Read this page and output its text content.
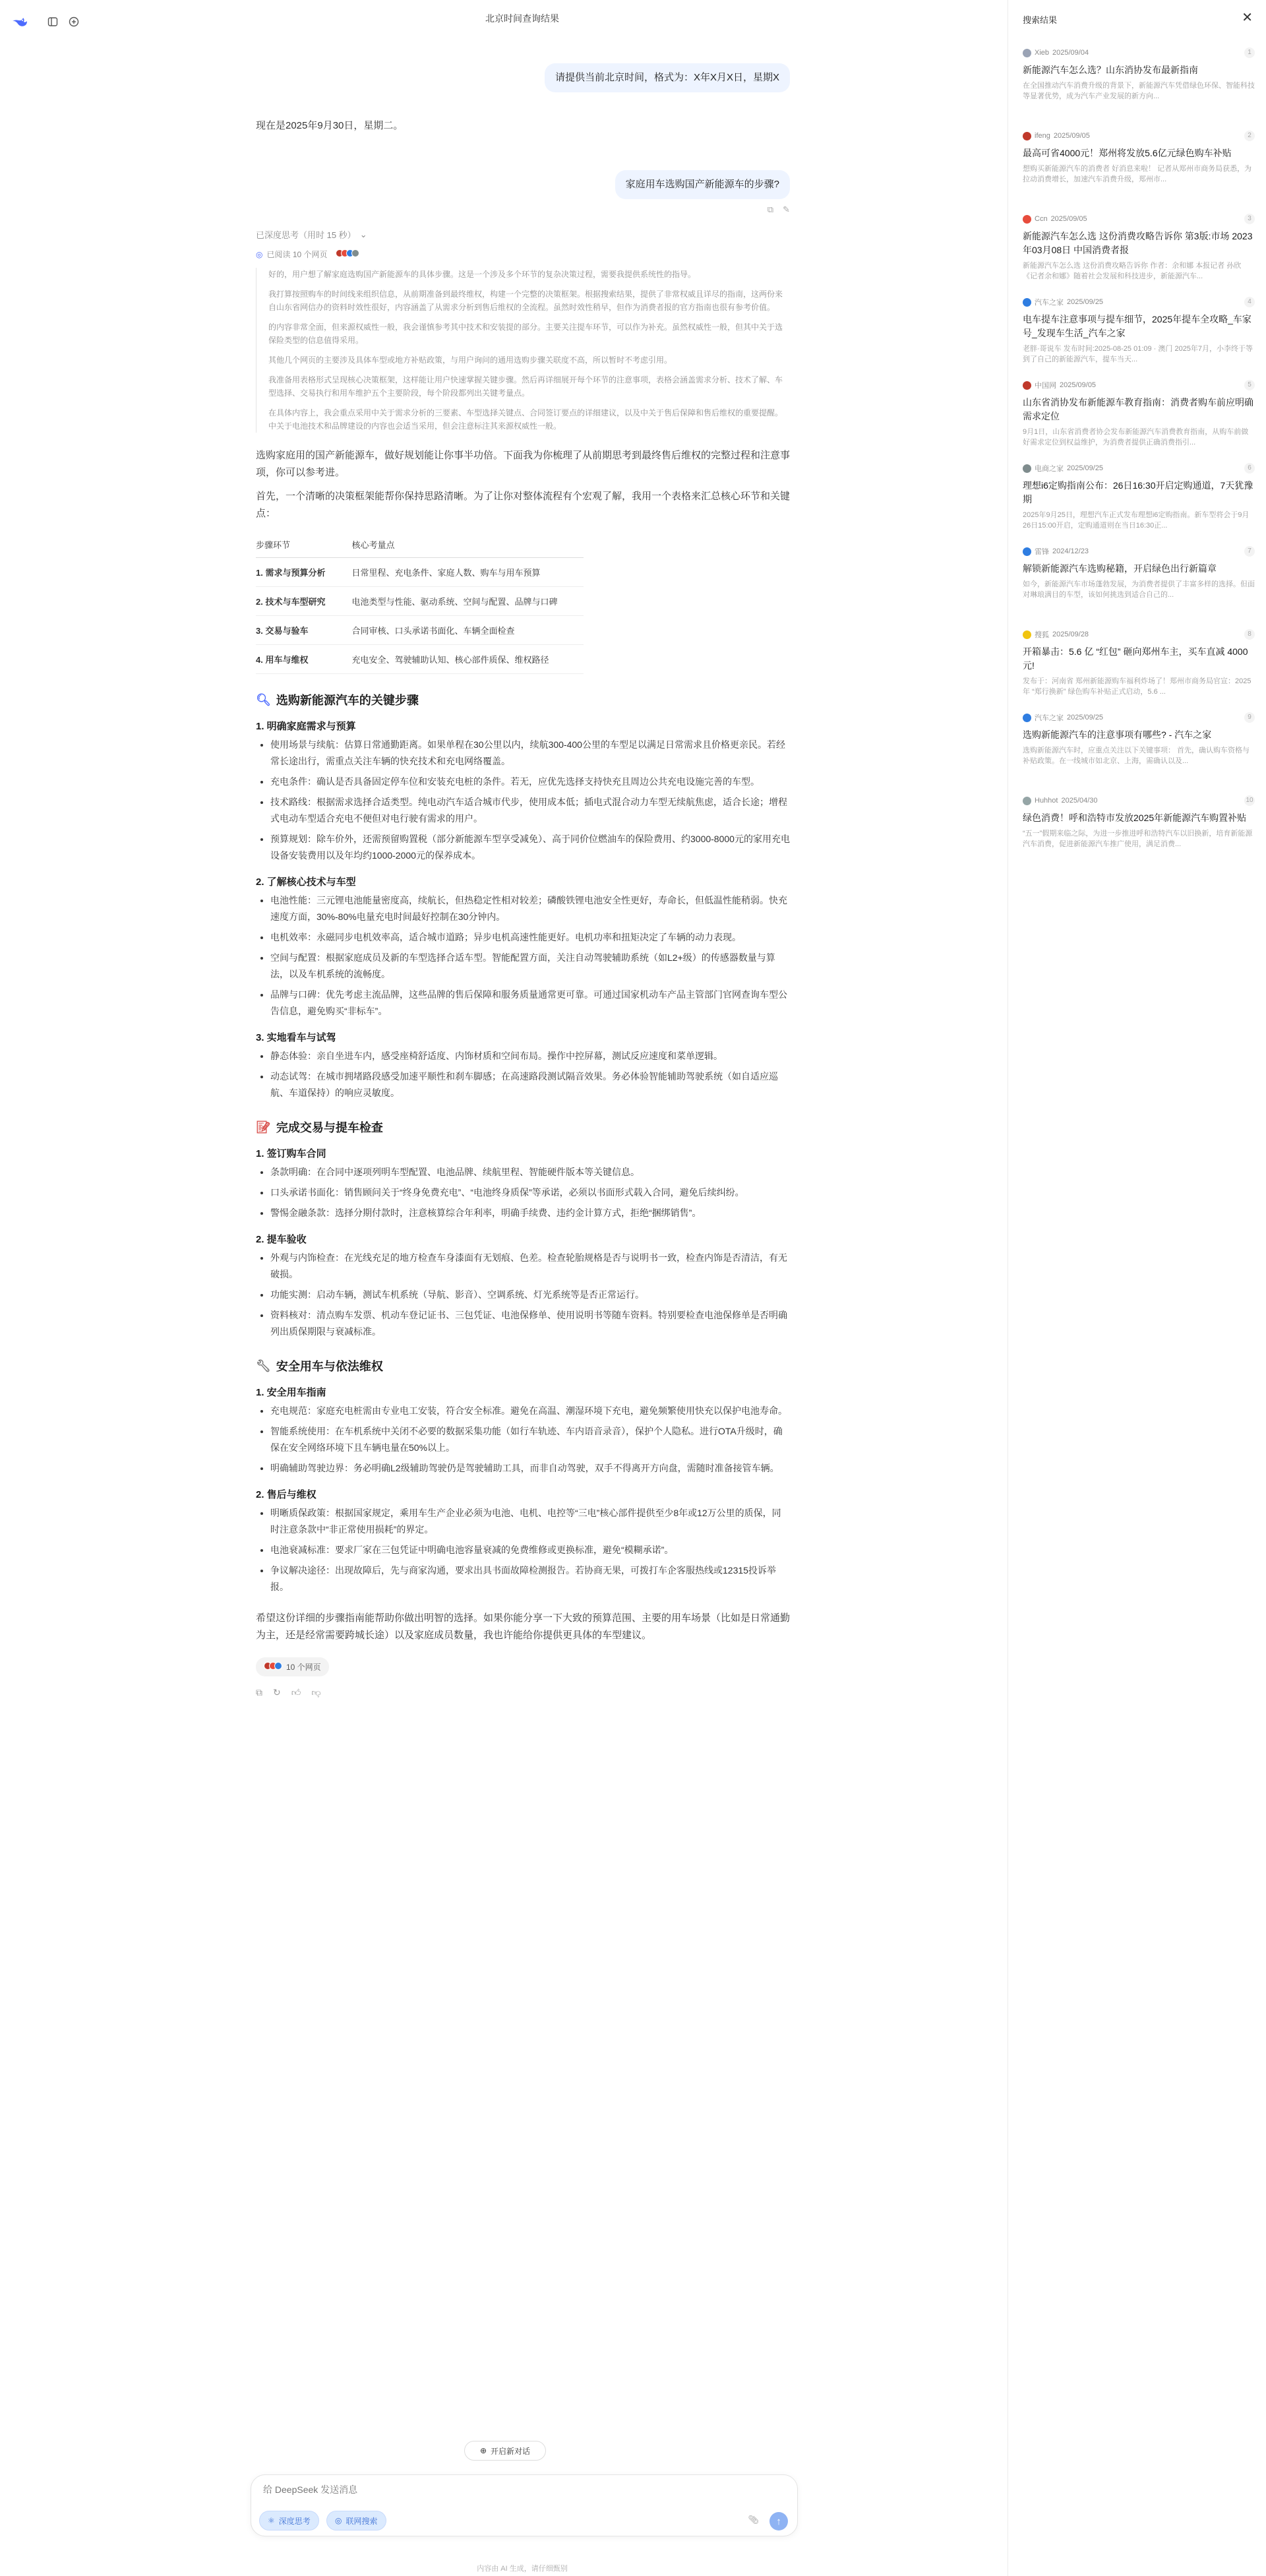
北京时间查询结果
请提供当前北京时间，格式为：X年X月X日，星期X
现在是2025年9月30日，星期二。
家庭用车选购国产新能源车的步骤?
⧉ ✎
已深度思考（用时 15 秒） ⌄
◎ 已阅读 10 个网页
好的，用户想了解家庭选购国产新能源车的具体步骤。这是一个涉及多个环节的复杂决策过程，需要我提供系统性的指导。
我打算按照购车的时间线来组织信息，从前期准备到最终维权，构建一个完整的决策框架。根据搜索结果，提供了非常权威且详尽的指南，这两份来自山东省网信办的资料时效性很好，内容涵盖了从需求分析到售后维权的全流程。虽然时效性稍早，但作为消费者报的官方指南也很有参考价值。
的内容非常全面，但来源权威性一般，我会谨慎参考其中技术和安装提的部分。主要关注提车环节，可以作为补充。虽然权威性一般，但其中关于选保险类型的信息值得采用。
其他几个网页的主要涉及具体车型或地方补贴政策，与用户询问的通用选购步骤关联度不高，所以暂时不考虑引用。
我准备用表格形式呈现核心决策框架，这样能让用户快速掌握关键步骤。然后再详细展开每个环节的注意事项，表格会涵盖需求分析、技术了解、车型选择、交易执行和用车维护五个主要阶段，每个阶段都列出关键考量点。
在具体内容上，我会重点采用中关于需求分析的三要素、车型选择关键点、合同签订要点的详细建议，以及中关于售后保障和售后维权的重要提醒。中关于电池技术和品牌建设的内容也会适当采用，但会注意标注其来源权威性一般。
选购家庭用的国产新能源车，做好规划能让你事半功倍。下面我为你梳理了从前期思考到最终售后维权的完整过程和注意事项，你可以参考进。
首先，一个清晰的决策框架能帮你保持思路清晰。为了让你对整体流程有个宏观了解，我用一个表格来汇总核心环节和关键点：
步骤环节	核心考量点
1. 需求与预算分析	日常里程、充电条件、家庭人数、购车与用车预算
2. 技术与车型研究	电池类型与性能、驱动系统、空间与配置、品牌与口碑
3. 交易与验车	合同审核、口头承诺书面化、车辆全面检查
4. 用车与维权	充电安全、驾驶辅助认知、核心部件质保、维权路径
🔍︎ 选购新能源汽车的关键步骤
1. 明确家庭需求与预算
• 使用场景与续航：估算日常通勤距离。如果单程在30公里以内，续航300-400公里的车型足以满足日常需求且价格更亲民。若经常长途出行，需重点关注车辆的快充技术和充电网络覆盖。
• 充电条件：确认是否具备固定停车位和安装充电桩的条件。若无，应优先选择支持快充且周边公共充电设施完善的车型。
• 技术路线：根据需求选择合适类型。纯电动汽车适合城市代步，使用成本低；插电式混合动力车型无续航焦虑，适合长途；增程式电动车型适合充电不便但对电行驶有需求的用户。
• 预算规划：除车价外，还需预留购置税（部分新能源车型享受减免）、高于同价位燃油车的保险费用、约3000-8000元的家用充电设备安装费用以及年均约1000-2000元的保养成本。
2. 了解核心技术与车型
• 电池性能：三元锂电池能量密度高，续航长，但热稳定性相对较差；磷酸铁锂电池安全性更好，寿命长，但低温性能稍弱。快充速度方面，30%-80%电量充电时间最好控制在30分钟内。
• 电机效率：永磁同步电机效率高，适合城市道路；异步电机高速性能更好。电机功率和扭矩决定了车辆的动力表现。
• 空间与配置：根据家庭成员及新的车型选择合适车型。智能配置方面，关注自动驾驶辅助系统（如L2+级）的传感器数量与算法，以及车机系统的流畅度。
• 品牌与口碑：优先考虑主流品牌，这些品牌的售后保障和服务质量通常更可靠。可通过国家机动车产品主管部门官网查询车型公告信息，避免购买“非标车”。
3. 实地看车与试驾
• 静态体验：亲自坐进车内，感受座椅舒适度、内饰材质和空间布局。操作中控屏幕，测试反应速度和菜单逻辑。
• 动态试驾：在城市拥堵路段感受加速平顺性和刹车脚感；在高速路段测试隔音效果。务必体验智能辅助驾驶系统（如自适应巡航、车道保持）的响应灵敏度。
📝︎ 完成交易与提车检查
1. 签订购车合同
• 条款明确：在合同中逐项列明车型配置、电池品牌、续航里程、智能硬件版本等关键信息。
• 口头承诺书面化：销售顾问关于“终身免费充电”、“电池终身质保”等承诺，必须以书面形式载入合同，避免后续纠纷。
• 警惕金融条款：选择分期付款时，注意核算综合年利率，明确手续费、违约金计算方式，拒绝“捆绑销售”。
2. 提车验收
• 外观与内饰检查：在光线充足的地方检查车身漆面有无划痕、色差。检查轮胎规格是否与说明书一致，检查内饰是否清洁，有无破损。
• 功能实测：启动车辆，测试车机系统（导航、影音）、空调系统、灯光系统等是否正常运行。
• 资料核对：清点购车发票、机动车登记证书、三包凭证、电池保修单、使用说明书等随车资料。特别要检查电池保修单是否明确列出质保期限与衰减标准。
🔧︎ 安全用车与依法维权
1. 安全用车指南
• 充电规范：家庭充电桩需由专业电工安装，符合安全标准。避免在高温、潮湿环境下充电，避免频繁使用快充以保护电池寿命。
• 智能系统使用：在车机系统中关闭不必要的数据采集功能（如行车轨迹、车内语音录音），保护个人隐私。进行OTA升级时，确保在安全网络环境下且车辆电量在50%以上。
• 明确辅助驾驶边界：务必明确L2级辅助驾驶仍是驾驶辅助工具，而非自动驾驶，双手不得离开方向盘，需随时准备接管车辆。
2. 售后与维权
• 明晰质保政策：根据国家规定，乘用车生产企业必须为电池、电机、电控等“三电”核心部件提供至少8年或12万公里的质保，同时注意条款中“非正常使用损耗”的界定。
• 电池衰减标准：要求厂家在三包凭证中明确电池容量衰减的免费维修或更换标准，避免“模糊承诺”。
• 争议解决途径：出现故障后，先与商家沟通，要求出具书面故障检测报告。若协商无果，可拨打车企客服热线或12315投诉举报。
希望这份详细的步骤指南能帮助你做出明智的选择。如果你能分享一下大致的预算范围、主要的用车场景（比如是日常通勤为主，还是经常需要跨城长途）以及家庭成员数量，我也许能给你提供更具体的车型建议。
10 个网页
⧉ ↻ 👍︎ 👎︎
⊕ 开启新对话
给 DeepSeek 发送消息
⚛ 深度思考	◎ 联网搜索	📎︎ ↑
内容由 AI 生成，请仔细甄别
搜索结果	✕
Xieb 2025/09/04	1
新能源汽车怎么选？山东消协发布最新指南
在全国推动汽车消费升级的背景下，新能源汽车凭借绿色环保、智能科技等显著优势，成为汽车产业发展的新方向...
ifeng 2025/09/05	2
最高可省4000元！郑州将发放5.6亿元绿色购车补贴
想购买新能源汽车的消费者 好消息来啦！ 记者从郑州市商务局获悉，为拉动消费增长，加速汽车消费升级，郑州市...
Ccn 2025/09/05	3
新能源汽车怎么选 这份消费攻略告诉你 第3版:市场 2023年03月08日 中国消费者报
新能源汽车怎么选 这份消费攻略告诉你 作者：余和娜 本报记者 孙欣 《记者余和娜》随着社会发展和科技进步，新能源汽车...
汽车之家 2025/09/25	4
电车提车注意事项与提车细节，2025年提车全攻略_车家号_发现车生活_汽车之家
老胖·哥说车 发布时间:2025-08-25 01:09 · 澳门 2025年7月，小李终于等到了自己的新能源汽车，提车当天...
中国网 2025/09/05	5
山东省消协发布新能源车教育指南：消费者购车前应明确需求定位
9月1日，山东省消费者协会发布新能源汽车消费教育指南，从购车前做好需求定位到权益维护，为消费者提供正确消费指引...
电商之家 2025/09/25	6
理想i6定购指南公布：26日16:30开启定购通道，7天犹豫期
2025年9月25日，理想汽车正式发布理想i6定购指南。新车型将会于9月26日15:00开启，定购通道则在当日16:30正...
雷锋 2024/12/23	7
解锁新能源汽车选购秘籍，开启绿色出行新篇章
如今，新能源汽车市场蓬勃发展，为消费者提供了丰富多样的选择。但面对琳琅满目的车型，该如何挑选到适合自己的...
搜狐 2025/09/28	8
开箱暴击：5.6 亿 “红包” 砸向郑州车主，买车直减 4000 元!
发布于：河南省 郑州新能源购车福利炸场了！郑州市商务局官宣：2025 年 “郑行换新” 绿色购车补贴正式启动，5.6 ...
汽车之家 2025/09/25	9
选购新能源汽车的注意事项有哪些? - 汽车之家
选购新能源汽车时，应重点关注以下关键事项： 首先，确认购车资格与补贴政策。在一线城市如北京、上海，需确认以及...
Huhhot 2025/04/30	10
绿色消费！呼和浩特市发放2025年新能源汽车购置补贴
“五一”假期来临之际，为进一步推进呼和浩特汽车以旧换新，培育新能源汽车消费，促进新能源汽车推广使用，满足消费...
